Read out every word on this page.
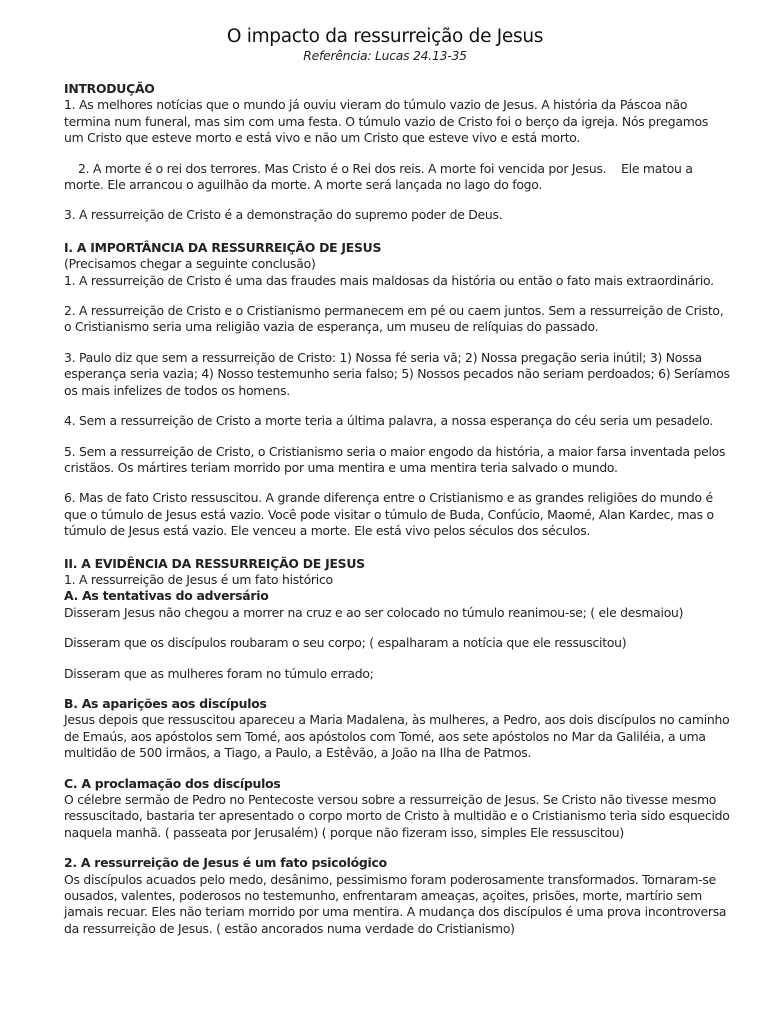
O impacto da ressurreição de Jesus
Referência: Lucas 24.13-35
INTRODUÇÃO

1. As melhores notícias que o mundo já ouviu vieram do túmulo vazio de Jesus. A história da Páscoa não termina num funeral, mas sim com uma festa. O túmulo vazio de Cristo foi o berço da igreja. Nós pregamos um Cristo que esteve morto e está vivo e não um Cristo que esteve vivo e está morto.

2. A morte é o rei dos terrores. Mas Cristo é o Rei dos reis. A morte foi vencida por Jesus.    Ele matou a morte. Ele arrancou o aguilhão da morte. A morte será lançada no lago do fogo.

3. A ressurreição de Cristo é a demonstração do supremo poder de Deus.

I. A IMPORTÂNCIA DA RESSURREIÇÃO DE JESUS
(Precisamos chegar a seguinte conclusão)

1. A ressurreição de Cristo é uma das fraudes mais maldosas da história ou então o fato mais extraordinário.

2. A ressurreição de Cristo e o Cristianismo permanecem em pé ou caem juntos. Sem a ressurreição de Cristo, o Cristianismo seria uma religião vazia de esperança, um museu de relíquias do passado.

3. Paulo diz que sem a ressurreição de Cristo: 1) Nossa fé seria vã; 2) Nossa pregação seria inútil; 3) Nossa esperança seria vazia; 4) Nosso testemunho seria falso; 5) Nossos pecados não seriam perdoados; 6) Seríamos os mais infelizes de todos os homens.

4. Sem a ressurreição de Cristo a morte teria a última palavra, a nossa esperança do céu seria um pesadelo.

5. Sem a ressurreição de Cristo, o Cristianismo seria o maior engodo da história, a maior farsa inventada pelos cristãos. Os mártires teriam morrido por uma mentira e uma mentira teria salvado o mundo.

6. Mas de fato Cristo ressuscitou. A grande diferença entre o Cristianismo e as grandes religiões do mundo é que o túmulo de Jesus está vazio. Você pode visitar o túmulo de Buda, Confúcio, Maomé, Alan Kardec, mas o túmulo de Jesus está vazio. Ele venceu a morte. Ele está vivo pelos séculos dos séculos.

II. A EVIDÊNCIA DA RESSURREIÇÃO DE JESUS
1. A ressurreição de Jesus é um fato histórico
A. As tentativas do adversário

Disseram Jesus não chegou a morrer na cruz e ao ser colocado no túmulo reanimou-se; ( ele desmaiou)

Disseram que os discípulos roubaram o seu corpo; ( espalharam a notícia que ele ressuscitou)

Disseram que as mulheres foram no túmulo errado;

B. As aparições aos discípulos

Jesus depois que ressuscitou apareceu a Maria Madalena, às mulheres, a Pedro, aos dois discípulos no caminho de Emaús, aos apóstolos sem Tomé, aos apóstolos com Tomé, aos sete apóstolos no Mar da Galiléia, a uma multidão de 500 irmãos, a Tiago, a Paulo, a Estêvão, a João na Ilha de Patmos.

C. A proclamação dos discípulos

O célebre sermão de Pedro no Pentecoste versou sobre a ressurreição de Jesus. Se Cristo não tivesse mesmo ressuscitado, bastaria ter apresentado o corpo morto de Cristo à multidão e o Cristianismo teria sido esquecido naquela manhã. ( passeata por Jerusalém) ( porque não fizeram isso, simples Ele ressuscitou)

2. A ressurreição de Jesus é um fato psicológico

Os discípulos acuados pelo medo, desânimo, pessimismo foram poderosamente transformados. Tornaram-se ousados, valentes, poderosos no testemunho, enfrentaram ameaças, açoites, prisões, morte, martírio sem jamais recuar. Eles não teriam morrido por uma mentira. A mudança dos discípulos é uma prova incontroversa da ressurreição de Jesus. ( estão ancorados numa verdade do Cristianismo)
